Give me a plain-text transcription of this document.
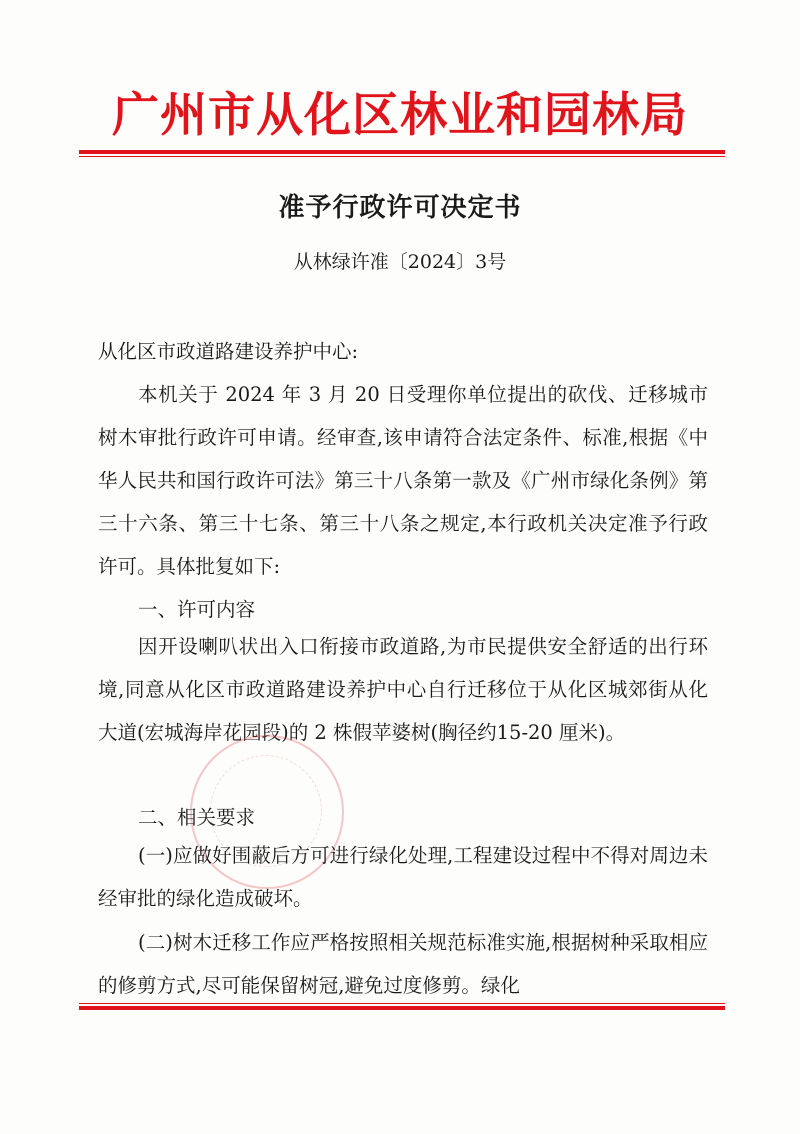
广州市从化区林业和园林局
准予行政许可决定书
从林绿许准〔2024〕3号
从化区市政道路建设养护中心:
本机关于 2024 年 3 月 20 日受理你单位提出的砍伐、迁移城市树木审批行政许可申请。经审查,该申请符合法定条件、标准,根据《中华人民共和国行政许可法》第三十八条第一款及《广州市绿化条例》第三十六条、第三十七条、第三十八条之规定,本行政机关决定准予行政许可。具体批复如下:
一、许可内容
因开设喇叭状出入口衔接市政道路,为市民提供安全舒适的出行环境,同意从化区市政道路建设养护中心自行迁移位于从化区城郊街从化大道(宏城海岸花园段)的 2 株假苹婆树(胸径约15-20 厘米)。
二、相关要求
(一)应做好围蔽后方可进行绿化处理,工程建设过程中不得对周边未经审批的绿化造成破坏。
(二)树木迁移工作应严格按照相关规范标准实施,根据树种采取相应的修剪方式,尽可能保留树冠,避免过度修剪。绿化
